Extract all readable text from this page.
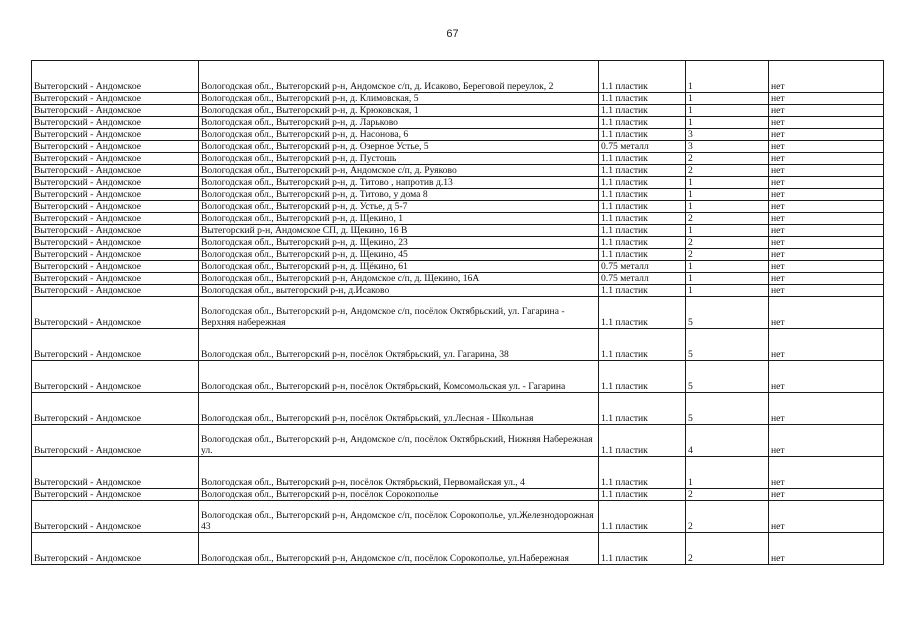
67
Вытегорский - Андомское	Вологодская обл., Вытегорский р-н, Андомское с/п, д. Исаково, Береговой переулок, 2	1.1 пластик	1	нет
Вытегорский - Андомское	Вологодская обл., Вытегорский р-н, д. Климовская, 5	1.1 пластик	1	нет
Вытегорский - Андомское	Вологодская обл., Вытегорский р-н, д. Крюковская, 1	1.1 пластик	1	нет
Вытегорский - Андомское	Вологодская обл., Вытегорский р-н, д. Ларьково	1.1 пластик	1	нет
Вытегорский - Андомское	Вологодская обл., Вытегорский р-н, д. Насонова, 6	1.1 пластик	3	нет
Вытегорский - Андомское	Вологодская обл., Вытегорский р-н, д. Озерное Устье, 5	0.75 металл	3	нет
Вытегорский - Андомское	Вологодская обл., Вытегорский р-н, д. Пустошь	1.1 пластик	2	нет
Вытегорский - Андомское	Вологодская обл., Вытегорский р-н, Андомское с/п, д. Руяково	1.1 пластик	2	нет
Вытегорский - Андомское	Вологодская обл., Вытегорский р-н, д. Титово , напротив д.13	1.1 пластик	1	нет
Вытегорский - Андомское	Вологодская обл., Вытегорский р-н, д. Титово, у дома 8	1.1 пластик	1	нет
Вытегорский - Андомское	Вологодская обл., Вытегорский р-н, д. Устье, д 5-7	1.1 пластик	1	нет
Вытегорский - Андомское	Вологодская обл., Вытегорский р-н, д. Щекино, 1	1.1 пластик	2	нет
Вытегорский - Андомское	Вытегорский р-н, Андомское СП, д. Щекино, 16 В	1.1 пластик	1	нет
Вытегорский - Андомское	Вологодская обл., Вытегорский р-н, д. Щекино, 23	1.1 пластик	2	нет
Вытегорский - Андомское	Вологодская обл., Вытегорский р-н, д. Щекино, 45	1.1 пластик	2	нет
Вытегорский - Андомское	Вологодская обл., Вытегорский р-н, д. Щёкино, 61	0.75 металл	1	нет
Вытегорский - Андомское	Вологодская обл., Вытегорский р-н, Андомское с/п, д. Щекино, 16А	0.75 металл	1	нет
Вытегорский - Андомское	Вологодская обл., вытегорский р-н, д.Исаково	1.1 пластик	1	нет
Вытегорский - Андомское	Вологодская обл., Вытегорский р-н, Андомское с/п, посёлок Октябрьский, ул. Гагарина - Верхняя набережная	1.1 пластик	5	нет
Вытегорский - Андомское	Вологодская обл., Вытегорский р-н, посёлок Октябрьский, ул. Гагарина, 38	1.1 пластик	5	нет
Вытегорский - Андомское	Вологодская обл., Вытегорский р-н, посёлок Октябрьский, Комсомольская ул. - Гагарина	1.1 пластик	5	нет
Вытегорский - Андомское	Вологодская обл., Вытегорский р-н, посёлок Октябрьский, ул.Лесная - Школьная	1.1 пластик	5	нет
Вытегорский - Андомское	Вологодская обл., Вытегорский р-н, Андомское с/п, посёлок Октябрьский, Нижняя Набережная ул.	1.1 пластик	4	нет
Вытегорский - Андомское	Вологодская обл., Вытегорский р-н, посёлок Октябрьский, Первомайская ул., 4	1.1 пластик	1	нет
Вытегорский - Андомское	Вологодская обл., Вытегорский р-н, посёлок Сорокополье	1.1 пластик	2	нет
Вытегорский - Андомское	Вологодская обл., Вытегорский р-н, Андомское с/п, посёлок Сорокополье, ул.Железнодорожная 43	1.1 пластик	2	нет
Вытегорский - Андомское	Вологодская обл., Вытегорский р-н, Андомское с/п, посёлок Сорокополье, ул.Набережная	1.1 пластик	2	нет
